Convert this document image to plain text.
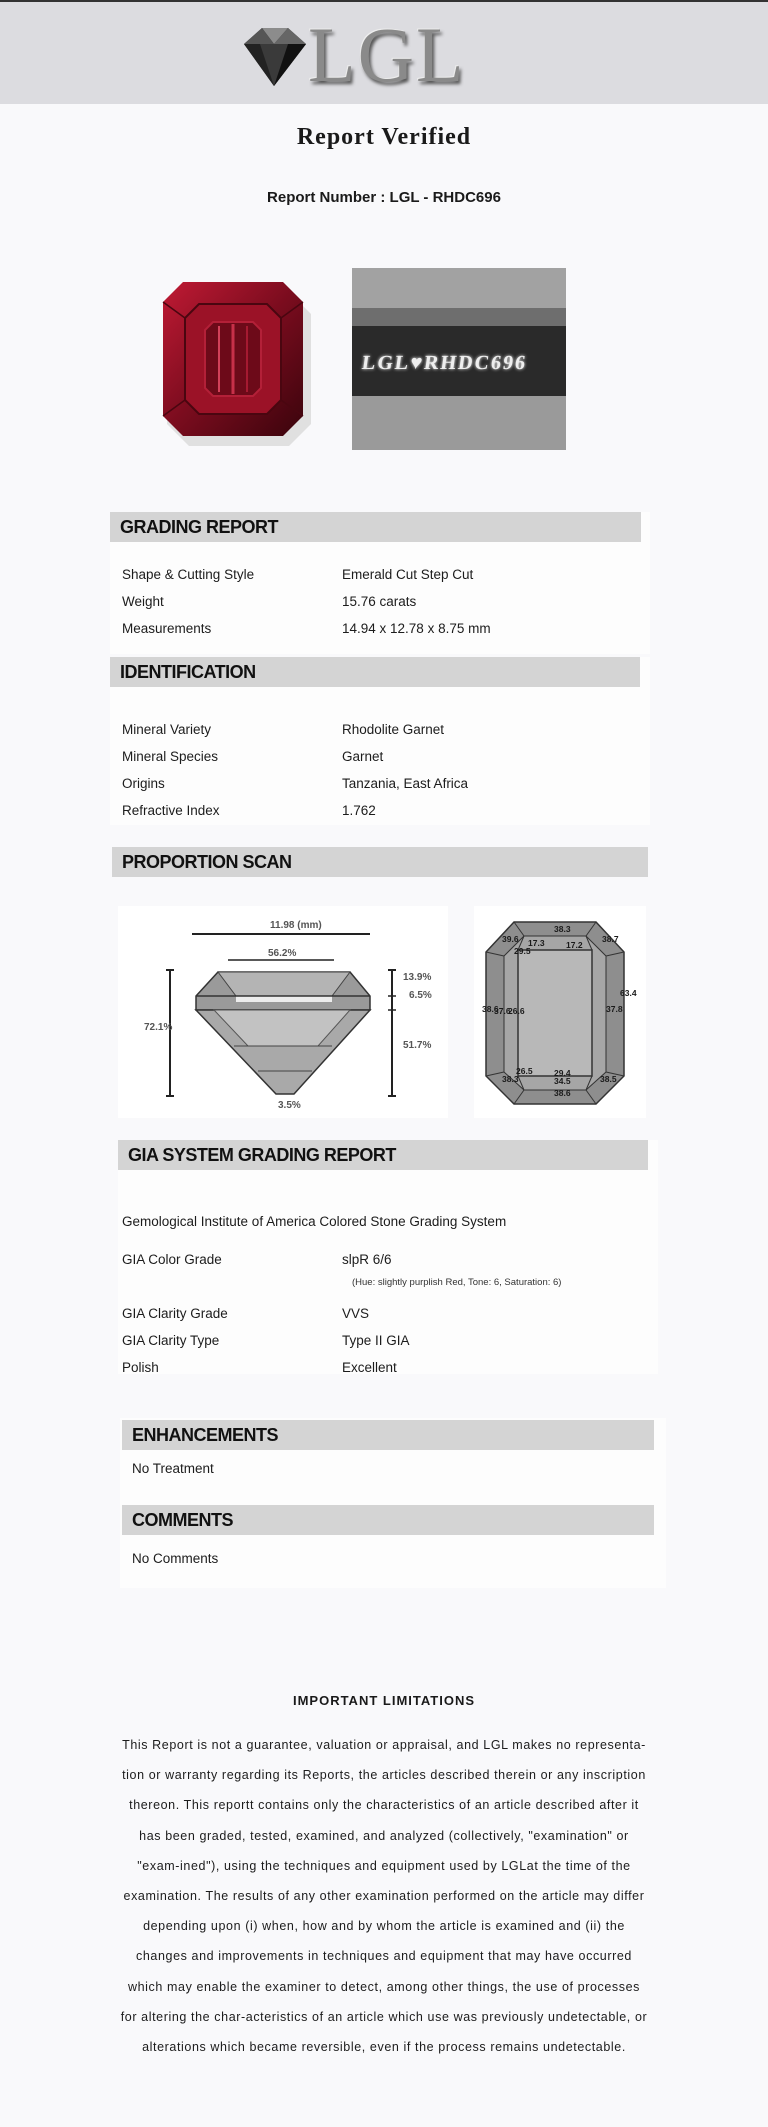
LGL
Report Verified
Report Number : LGL - RHDC696
LGL♥RHDC696
GRADING REPORT
Shape & Cutting Style	Emerald Cut Step Cut
Weight	15.76 carats
Measurements	14.94 x 12.78 x 8.75 mm
IDENTIFICATION
Mineral Variety	Rhodolite Garnet
Mineral Species	Garnet
Origins	Tanzania, East Africa
Refractive Index	1.762
PROPORTION SCAN
11.98 (mm)
56.2%
72.1%
13.9%
6.5%
51.7%
3.5%
38.3
39.6 17.3	17.2
29.5
38.7
38.6
37.6
26.6	37.8
63.4
26.5
38.3
29.4
34.5	38.5
38.6
GIA SYSTEM GRADING REPORT
Gemological Institute of America Colored Stone Grading System
GIA Color Grade	slpR 6/6
(Hue: slightly purplish Red, Tone: 6, Saturation: 6)
GIA Clarity Grade	VVS
GIA Clarity Type	Type II GIA
Polish	Excellent
ENHANCEMENTS
No Treatment
COMMENTS
No Comments
IMPORTANT LIMITATIONS
This Report is not a guarantee, valuation or appraisal, and LGL makes no representa-tion or warranty regarding its Reports, the articles described therein or any inscription thereon. This reportt contains only the characteristics of an article described after it has been graded, tested, examined, and analyzed (collectively, "examination" or "exam-ined"), using the techniques and equipment used by LGLat the time of the examination. The results of any other examination performed on the article may differ depending upon (i) when, how and by whom the article is examined and (ii) the changes and improvements in techniques and equipment that may have occurred which may enable the examiner to detect, among other things, the use of processes for altering the char-acteristics of an article which use was previously undetectable, or alterations which became reversible, even if the process remains undetectable.
